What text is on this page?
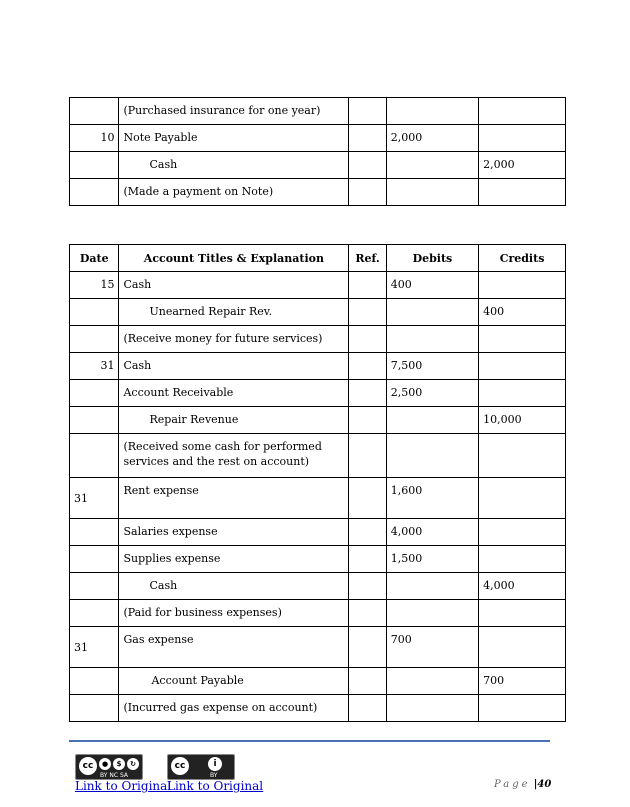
	(Purchased insurance for one year)			
10	Note Payable		2,000	
	Cash			2,000
	(Made a payment on Note)			
Date	Account Titles & Explanation	Ref.	Debits	Credits
15	Cash		400	
	Unearned Repair Rev.			400
	(Receive money for future services)			
31	Cash		7,500	
	Account Receivable		2,500	
	Repair Revenue			10,000
	(Received some cash for performed services and the rest on account)			
31	Rent expense		1,600	
	Salaries expense		4,000	
	Supplies expense		1,500	
	Cash			4,000
	(Paid for business expenses)			
31	Gas expense		700	
	Account Payable			700
	(Incurred gas expense on account)			
cc	●	$	↻
BY NC SA
cc	i
BY
Link to Original
Link to Original	Page |40
